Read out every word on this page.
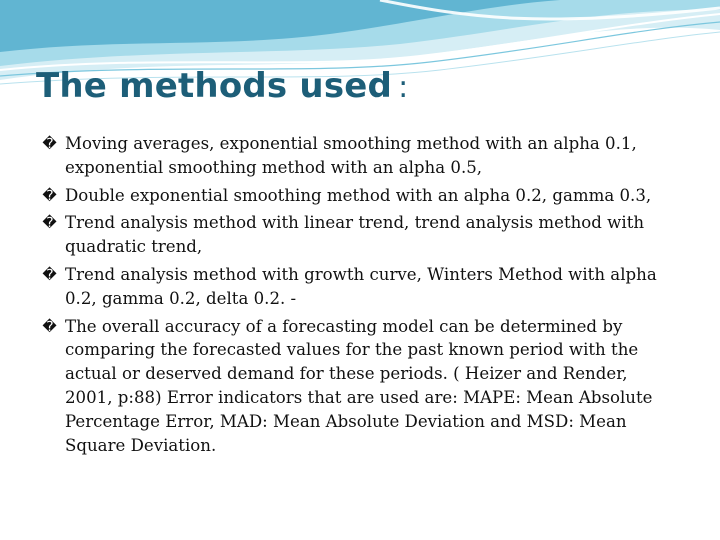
The methods used :
� Moving averages, exponential smoothing method with an alpha 0.1, exponential smoothing method with an alpha 0.5,
� Double exponential smoothing method with an alpha 0.2, gamma 0.3,
� Trend analysis method with linear trend, trend analysis method with quadratic trend,
� Trend analysis method with growth curve, Winters Method with alpha 0.2, gamma 0.2, delta 0.2. -
� The overall accuracy of a forecasting model can be determined by comparing the forecasted values for the past known period with the actual or deserved demand for these periods. ( Heizer and Render, 2001, p:88) Error indicators that are used are: MAPE: Mean Absolute Percentage Error, MAD: Mean Absolute Deviation and MSD: Mean Square Deviation.
